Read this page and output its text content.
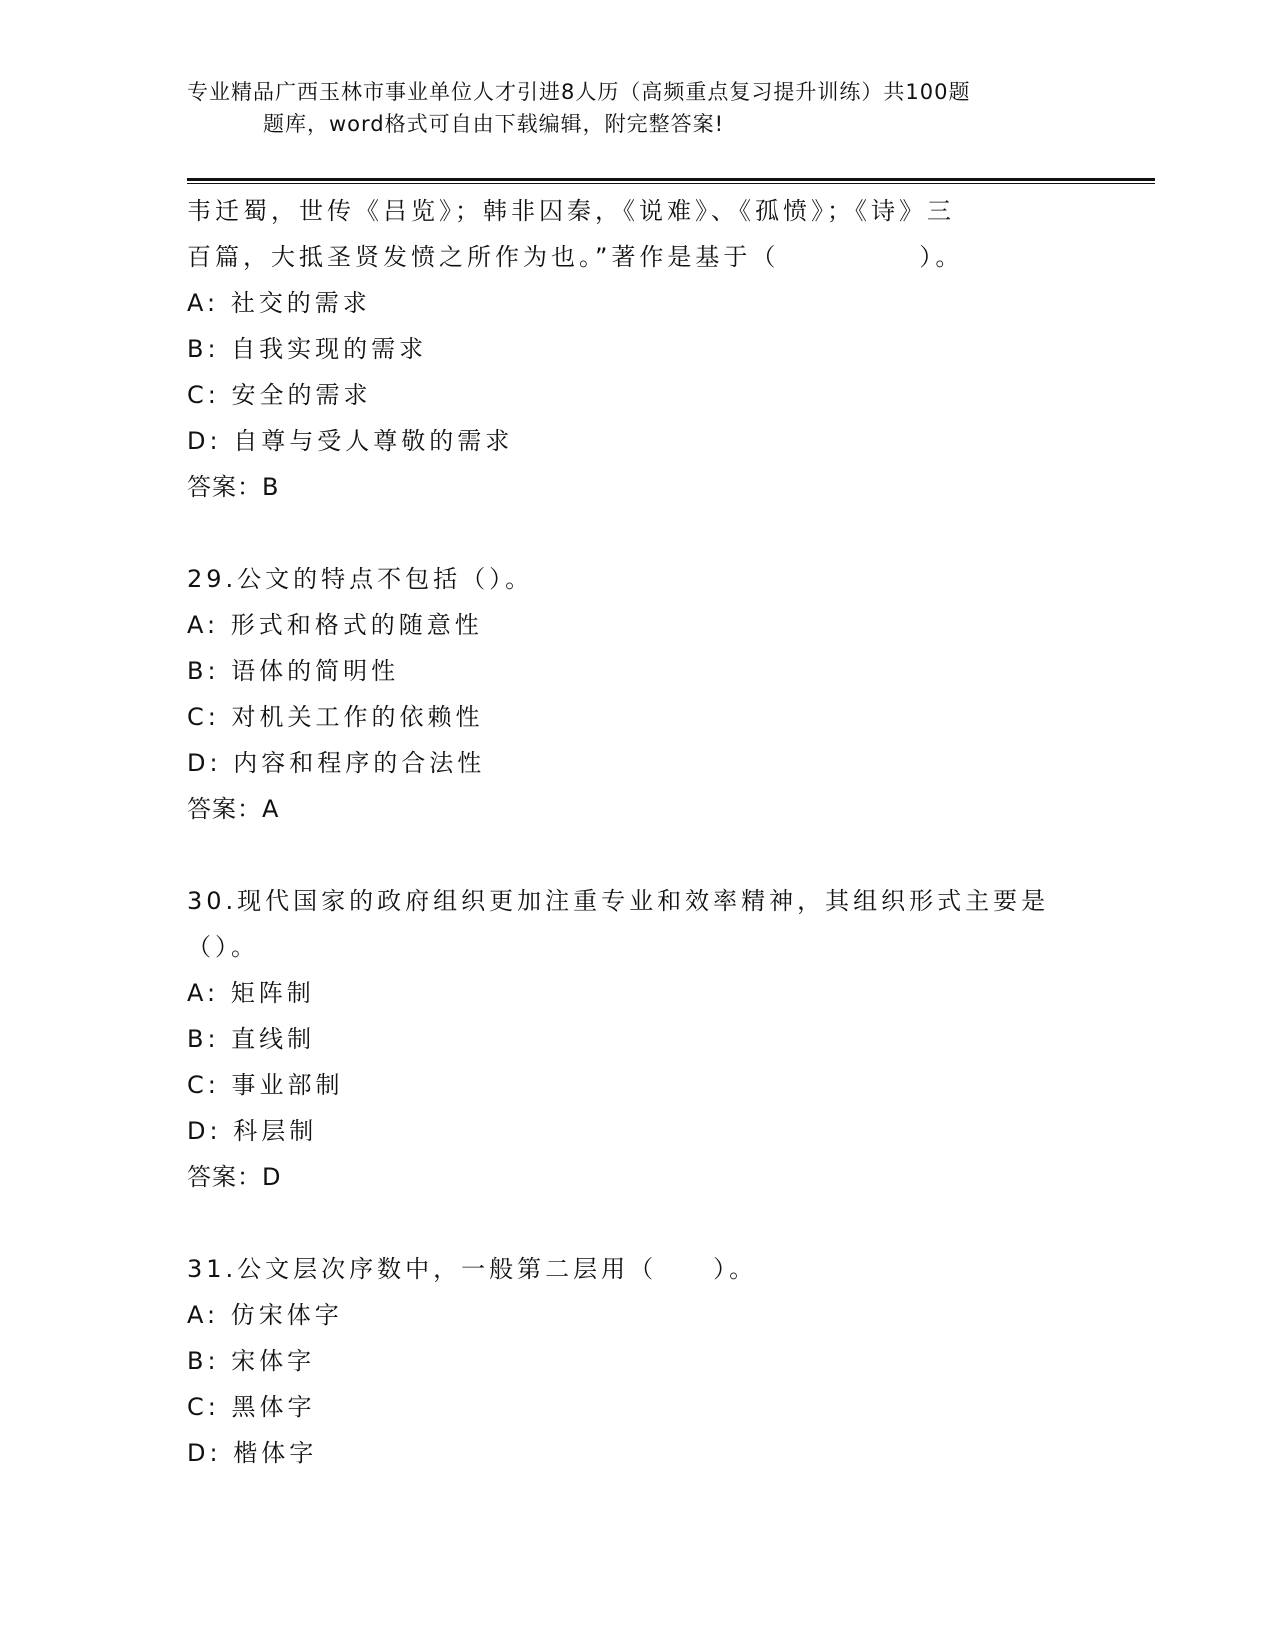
专业精品广西玉林市事业单位人才引进8人历（高频重点复习提升训练）共100题
题库，word格式可自由下载编辑，附完整答案!
韦迁蜀，世传《吕览》；韩非囚秦，《说难》、《孤愤》；《诗》三
百篇，大抵圣贤发愤之所作为也。”著作是基于（　　　　　）。
A: 社交的需求
B: 自我实现的需求
C: 安全的需求
D: 自尊与受人尊敬的需求
答案：B
29.公文的特点不包括（）。
A: 形式和格式的随意性
B: 语体的简明性
C: 对机关工作的依赖性
D: 内容和程序的合法性
答案：A
30.现代国家的政府组织更加注重专业和效率精神，其组织形式主要是
（）。
A: 矩阵制
B: 直线制
C: 事业部制
D: 科层制
答案：D
31.公文层次序数中，一般第二层用（　　）。
A: 仿宋体字
B: 宋体字
C: 黑体字
D: 楷体字
